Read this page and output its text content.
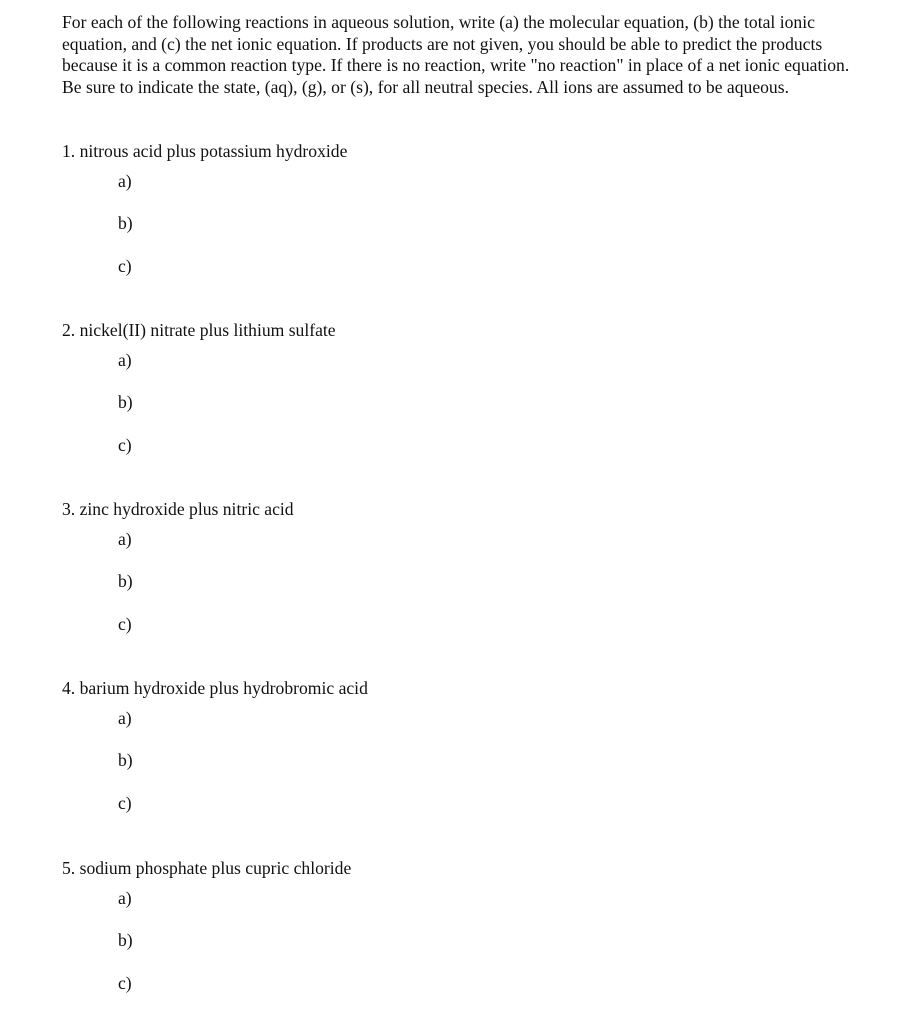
For each of the following reactions in aqueous solution, write (a) the molecular equation, (b) the total ionic equation, and (c) the net ionic equation. If products are not given, you should be able to predict the products because it is a common reaction type. If there is no reaction, write "no reaction" in place of a net ionic equation. Be sure to indicate the state, (aq), (g), or (s), for all neutral species. All ions are assumed to be aqueous.

1. nitrous acid plus potassium hydroxide
a)
b)
c)
2. nickel(II) nitrate plus lithium sulfate
a)
b)
c)
3. zinc hydroxide plus nitric acid
a)
b)
c)
4. barium hydroxide plus hydrobromic acid
a)
b)
c)
5. sodium phosphate plus cupric chloride
a)
b)
c)
